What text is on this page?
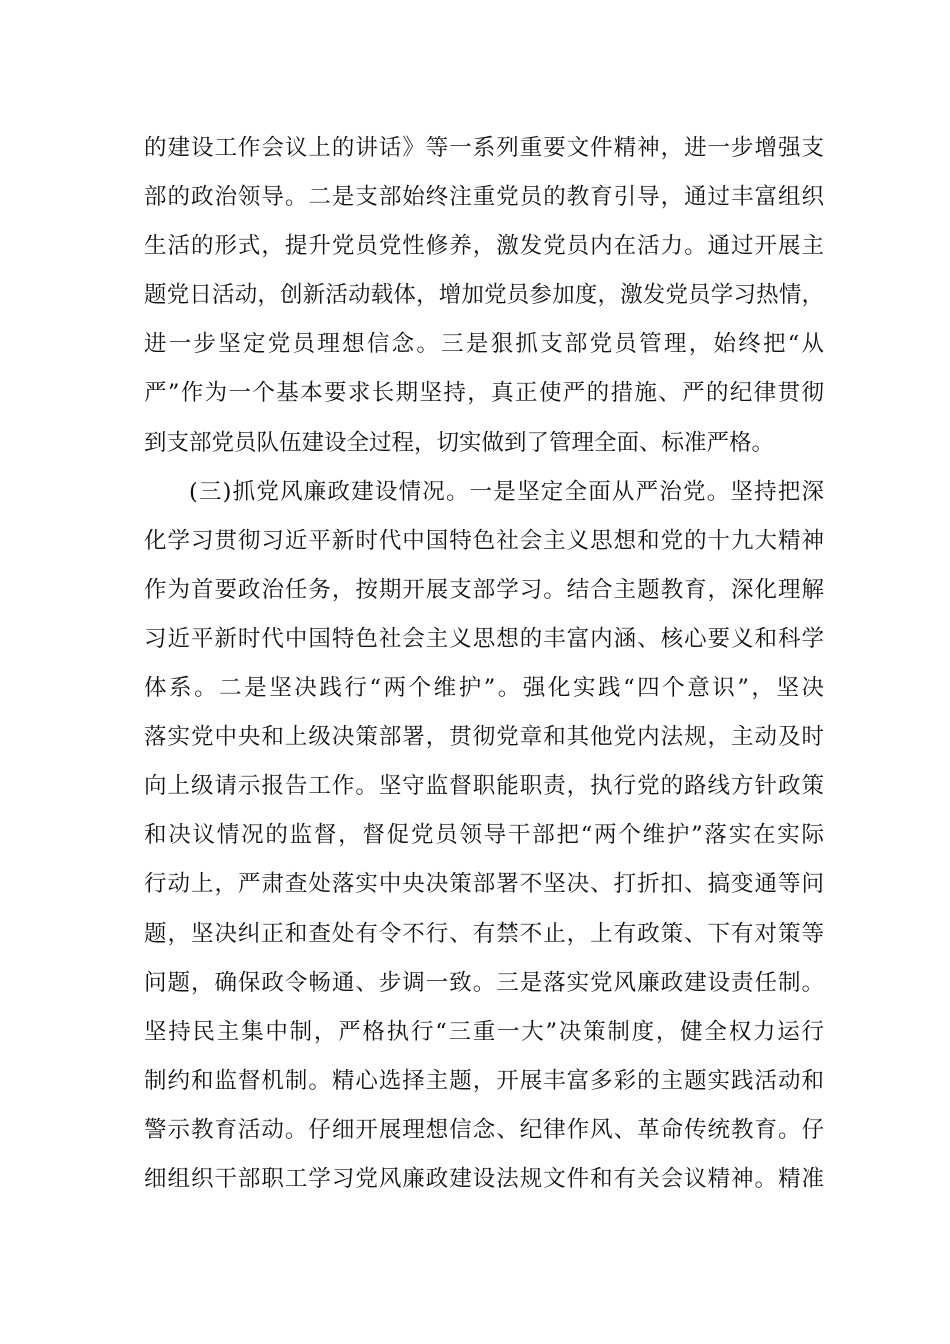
的建设工作会议上的讲话》等一系列重要文件精神，进一步增强支
部的政治领导。二是支部始终注重党员的教育引导，通过丰富组织
生活的形式，提升党员党性修养，激发党员内在活力。通过开展主
题党日活动，创新活动载体，增加党员参加度，激发党员学习热情，
进一步坚定党员理想信念。三是狠抓支部党员管理，始终把“从
严”作为一个基本要求长期坚持，真正使严的措施、严的纪律贯彻
到支部党员队伍建设全过程，切实做到了管理全面、标准严格。
(三)抓党风廉政建设情况。一是坚定全面从严治党。坚持把深
化学习贯彻习近平新时代中国特色社会主义思想和党的十九大精神
作为首要政治任务，按期开展支部学习。结合主题教育，深化理解
习近平新时代中国特色社会主义思想的丰富内涵、核心要义和科学
体系。二是坚决践行“两个维护”。强化实践“四个意识”，坚决
落实党中央和上级决策部署，贯彻党章和其他党内法规，主动及时
向上级请示报告工作。坚守监督职能职责，执行党的路线方针政策
和决议情况的监督，督促党员领导干部把“两个维护”落实在实际
行动上，严肃查处落实中央决策部署不坚决、打折扣、搞变通等问
题，坚决纠正和查处有令不行、有禁不止，上有政策、下有对策等
问题，确保政令畅通、步调一致。三是落实党风廉政建设责任制。
坚持民主集中制，严格执行“三重一大”决策制度，健全权力运行
制约和监督机制。精心选择主题，开展丰富多彩的主题实践活动和
警示教育活动。仔细开展理想信念、纪律作风、革命传统教育。仔
细组织干部职工学习党风廉政建设法规文件和有关会议精神。精准
